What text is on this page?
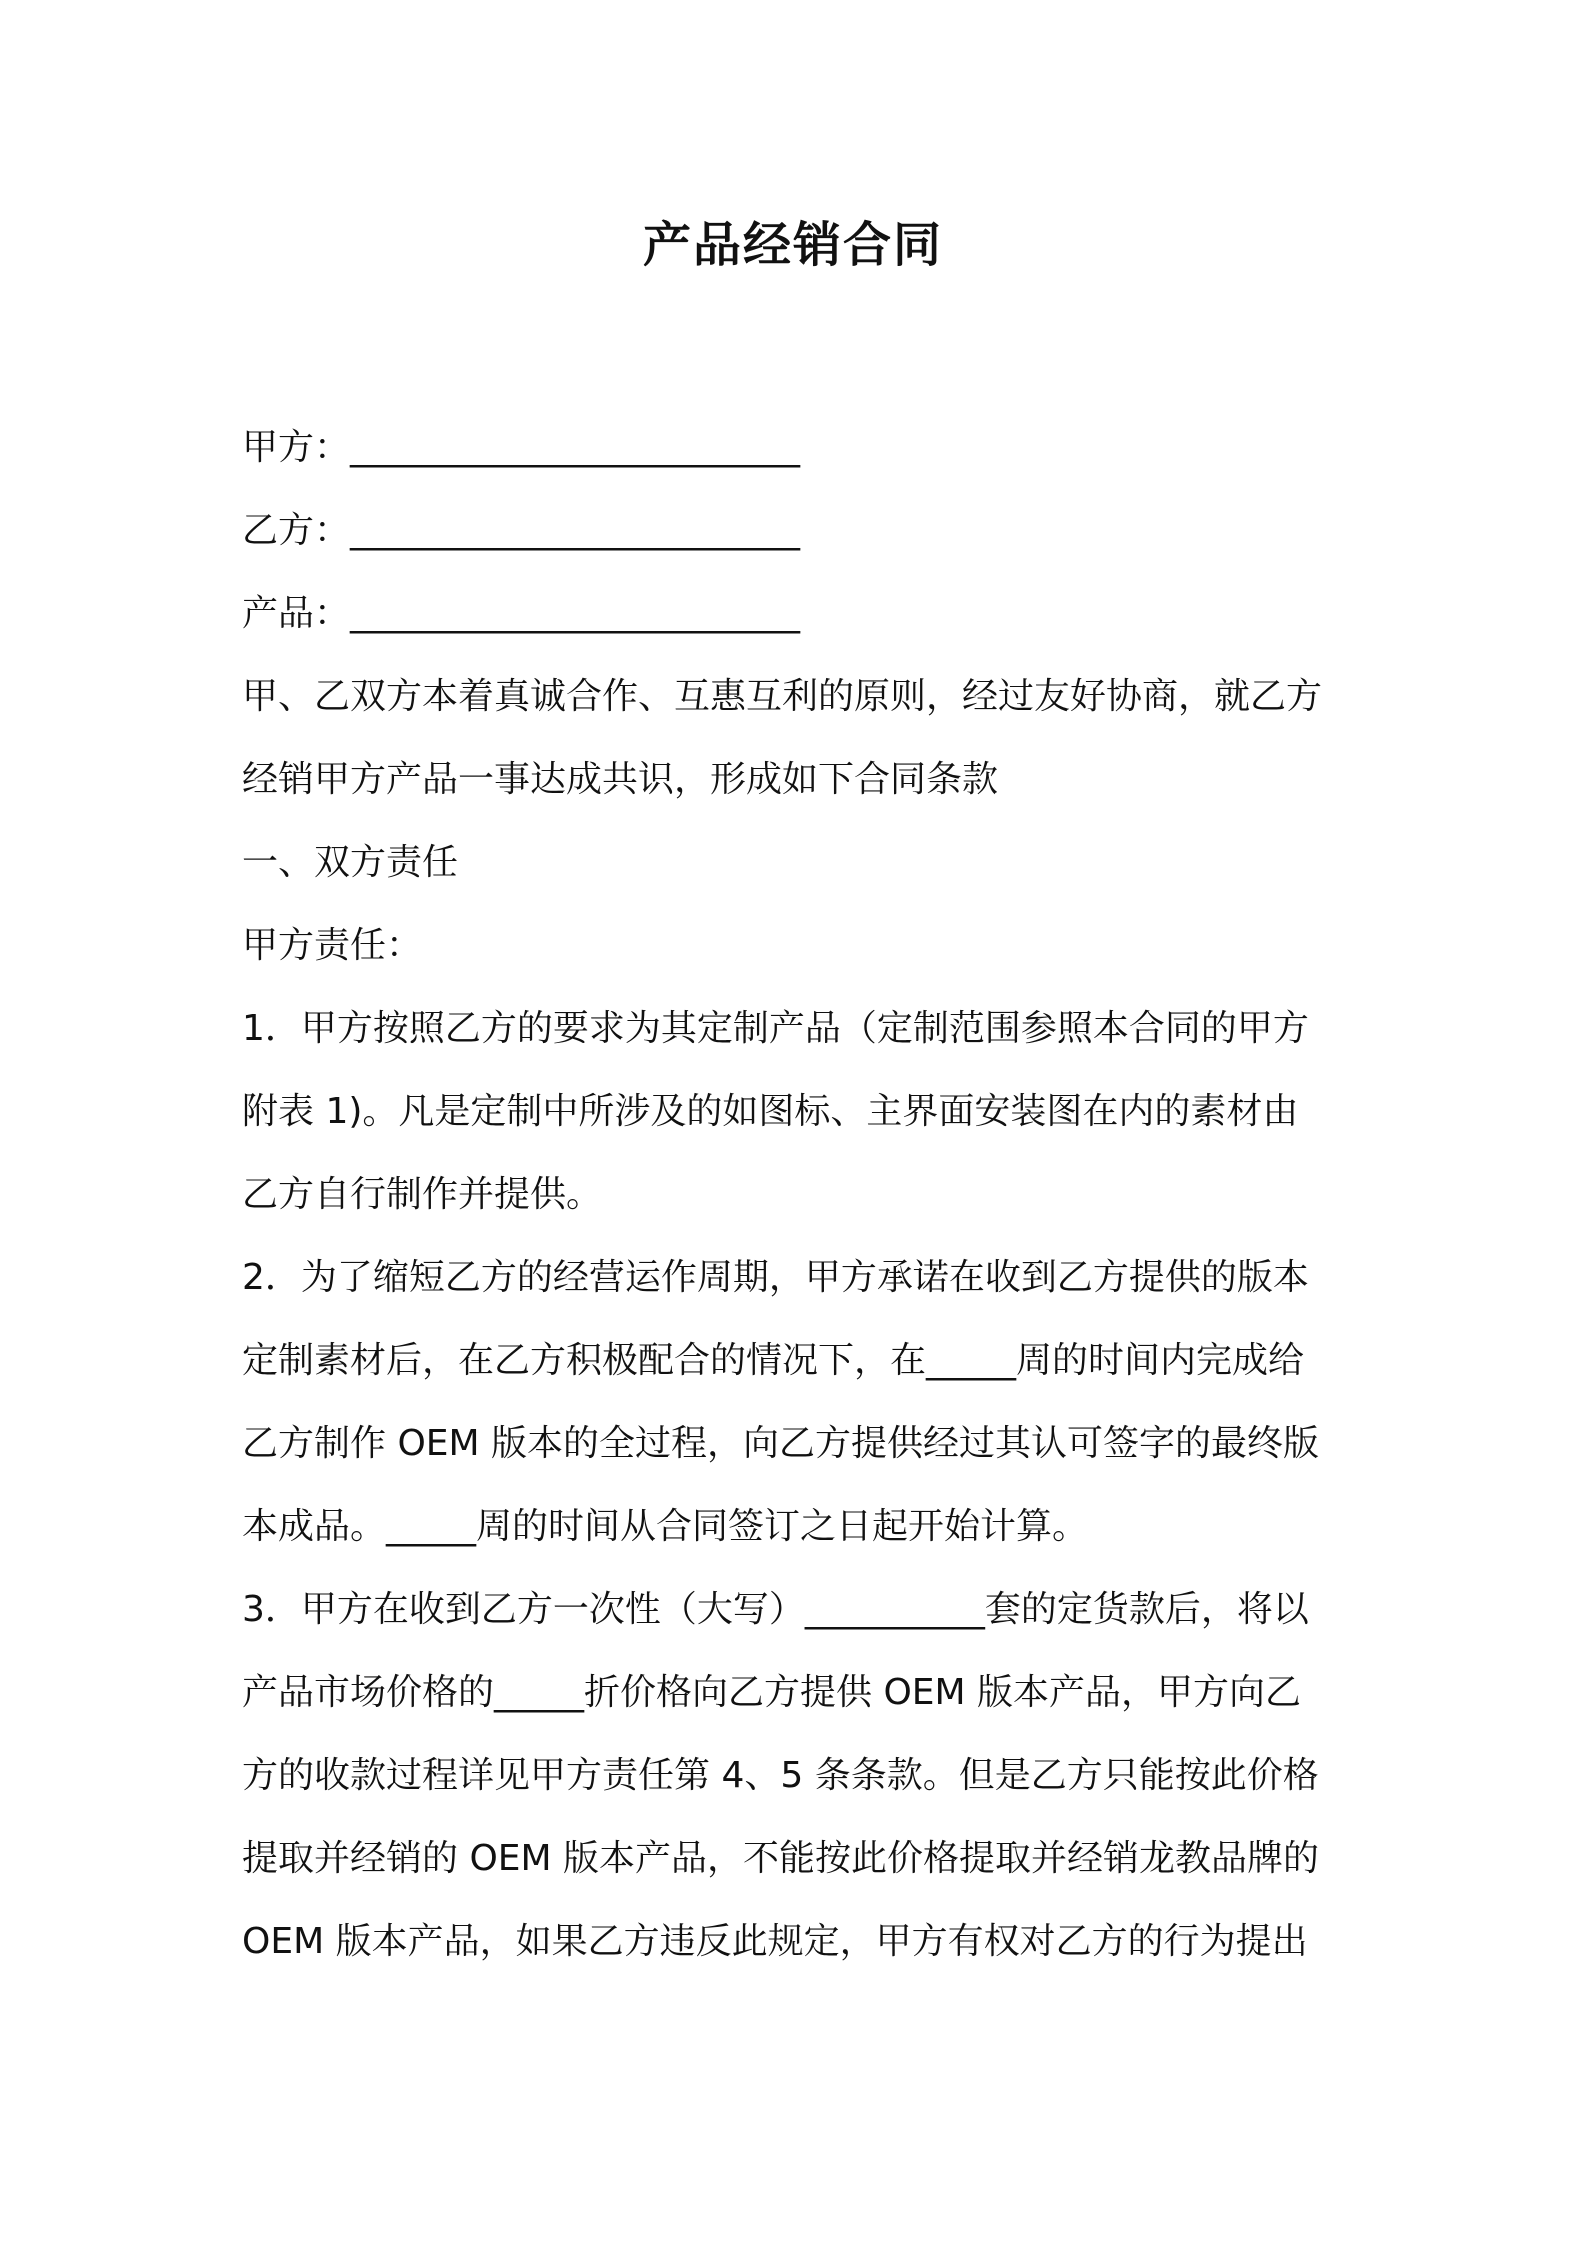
产品经销合同
甲方：_________________________
乙方：_________________________
产品：_________________________
甲、乙双方本着真诚合作、互惠互利的原则，经过友好协商，就乙方
经销甲方产品一事达成共识，形成如下合同条款
一、双方责任
甲方责任：
1．甲方按照乙方的要求为其定制产品（定制范围参照本合同的甲方
附表 1)。凡是定制中所涉及的如图标、主界面安装图在内的素材由
乙方自行制作并提供。
2．为了缩短乙方的经营运作周期，甲方承诺在收到乙方提供的版本
定制素材后，在乙方积极配合的情况下，在_____周的时间内完成给
乙方制作 OEM 版本的全过程，向乙方提供经过其认可签字的最终版
本成品。_____周的时间从合同签订之日起开始计算。
3．甲方在收到乙方一次性（大写）__________套的定货款后，将以
产品市场价格的_____折价格向乙方提供 OEM 版本产品，甲方向乙
方的收款过程详见甲方责任第 4、5 条条款。但是乙方只能按此价格
提取并经销的 OEM 版本产品，不能按此价格提取并经销龙教品牌的
OEM 版本产品，如果乙方违反此规定，甲方有权对乙方的行为提出
